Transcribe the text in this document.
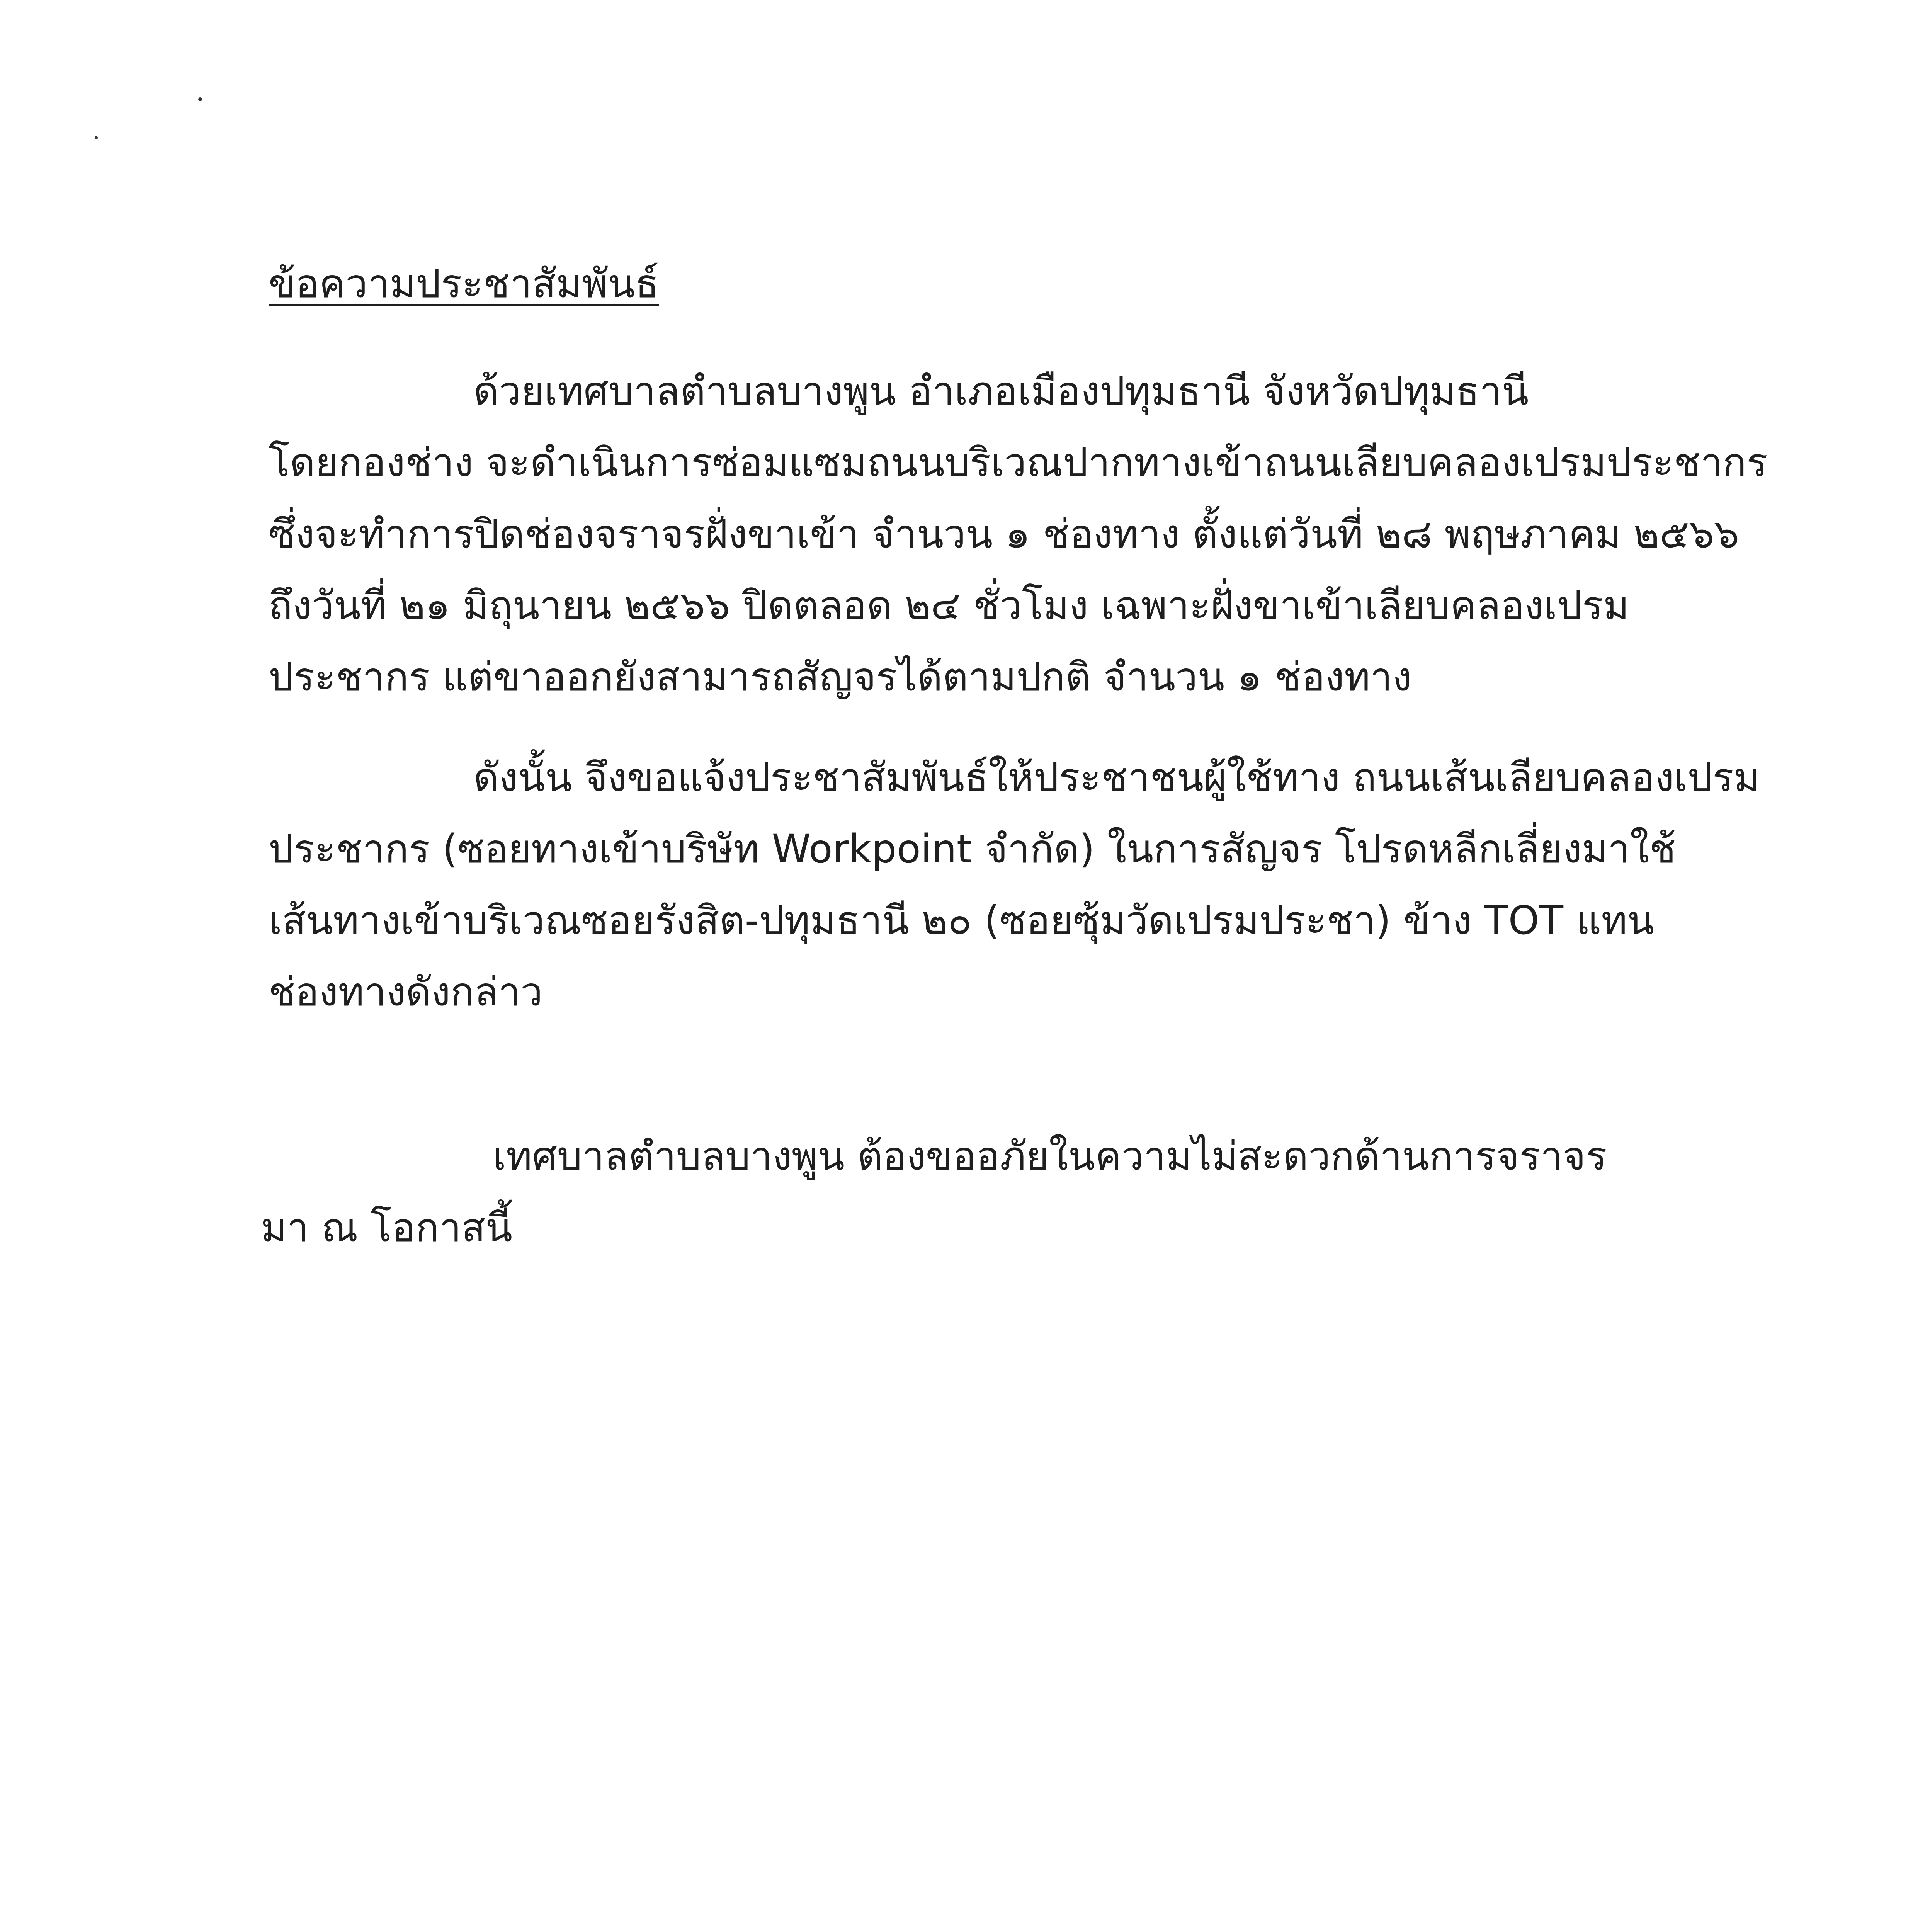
ข้อความประชาสัมพันธ์
ด้วยเทศบาลตำบลบางพูน อำเภอเมืองปทุมธานี จังหวัดปทุมธานี
โดยกองช่าง จะดำเนินการซ่อมแซมถนนบริเวณปากทางเข้าถนนเลียบคลองเปรมประชากร
ซึ่งจะทำการปิดช่องจราจรฝั่งขาเข้า จำนวน ๑ ช่องทาง ตั้งแต่วันที่ ๒๘ พฤษภาคม ๒๕๖๖
ถึงวันที่ ๒๑ มิถุนายน ๒๕๖๖ ปิดตลอด ๒๔ ชั่วโมง เฉพาะฝั่งขาเข้าเลียบคลองเปรม
ประชากร แต่ขาออกยังสามารถสัญจรได้ตามปกติ จำนวน ๑ ช่องทาง
ดังนั้น จึงขอแจ้งประชาสัมพันธ์ให้ประชาชนผู้ใช้ทาง ถนนเส้นเลียบคลองเปรม
ประชากร (ซอยทางเข้าบริษัท Workpoint จำกัด) ในการสัญจร โปรดหลีกเลี่ยงมาใช้
เส้นทางเข้าบริเวณซอยรังสิต-ปทุมธานี ๒๐ (ซอยซุ้มวัดเปรมประชา) ข้าง TOT แทน
ช่องทางดังกล่าว
เทศบาลตำบลบางพูน ต้องขออภัยในความไม่สะดวกด้านการจราจร
มา ณ โอกาสนี้
